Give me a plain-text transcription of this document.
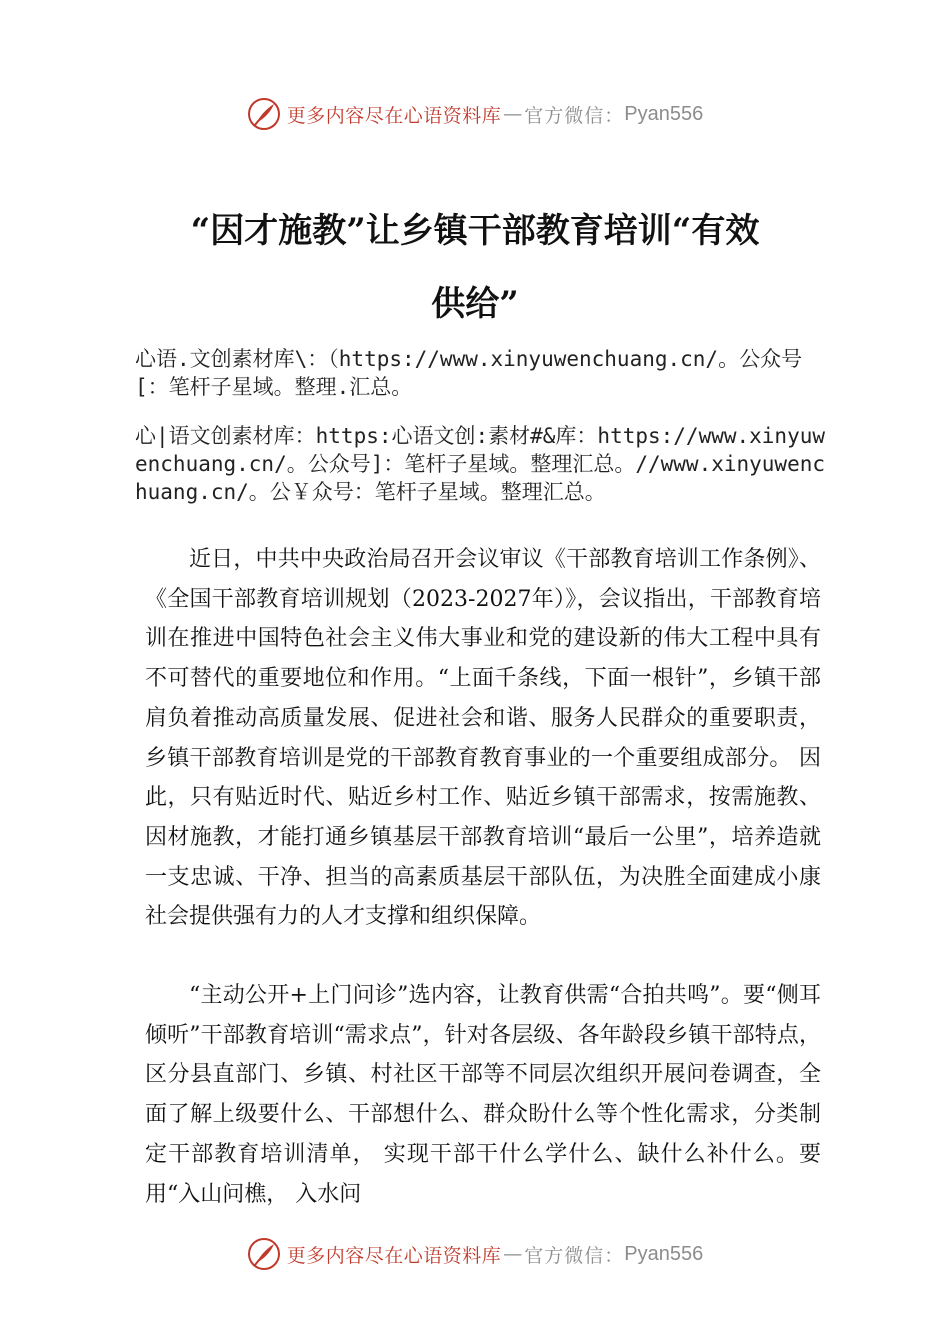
更多内容尽在心语资料库 — 官方微信： Pyan556
“因才施教”让乡镇干部教育培训“有效
供给”
心语.文创素材库\：（https://www.xinyuwenchuang.cn/。公众号[：笔杆子星域。整理.汇总。
心|语文创素材库：https:心语文创:素材#&库：https://www.xinyuwenchuang.cn/。公众号]：笔杆子星域。整理汇总。//www.xinyuwenchuang.cn/。公￥众号：笔杆子星域。整理汇总。
近日，中共中央政治局召开会议审议《干部教育培训工作条例》、《全国干部教育培训规划（2023-2027年）》，会议指出，干部教育培训在推进中国特色社会主义伟大事业和党的建设新的伟大工程中具有不可替代的重要地位和作用。“上面千条线，下面一根针”，乡镇干部肩负着推动高质量发展、促进社会和谐、服务人民群众的重要职责，乡镇干部教育培训是党的干部教育教育事业的一个重要组成部分。 因此，只有贴近时代、贴近乡村工作、贴近乡镇干部需求，按需施教、因材施教，才能打通乡镇基层干部教育培训“最后一公里”，培养造就一支忠诚、干净、担当的高素质基层干部队伍，为决胜全面建成小康社会提供强有力的人才支撑和组织保障。
“主动公开+上门问诊”选内容，让教育供需“合拍共鸣”。要“侧耳倾听”干部教育培训“需求点”，针对各层级、各年龄段乡镇干部特点，区分县直部门、乡镇、村社区干部等不同层次组织开展问卷调查，全面了解上级要什么、干部想什么、群众盼什么等个性化需求，分类制定干部教育培训清单， 实现干部干什么学什么、缺什么补什么。要用“入山问樵， 入水问
更多内容尽在心语资料库 — 官方微信： Pyan556
